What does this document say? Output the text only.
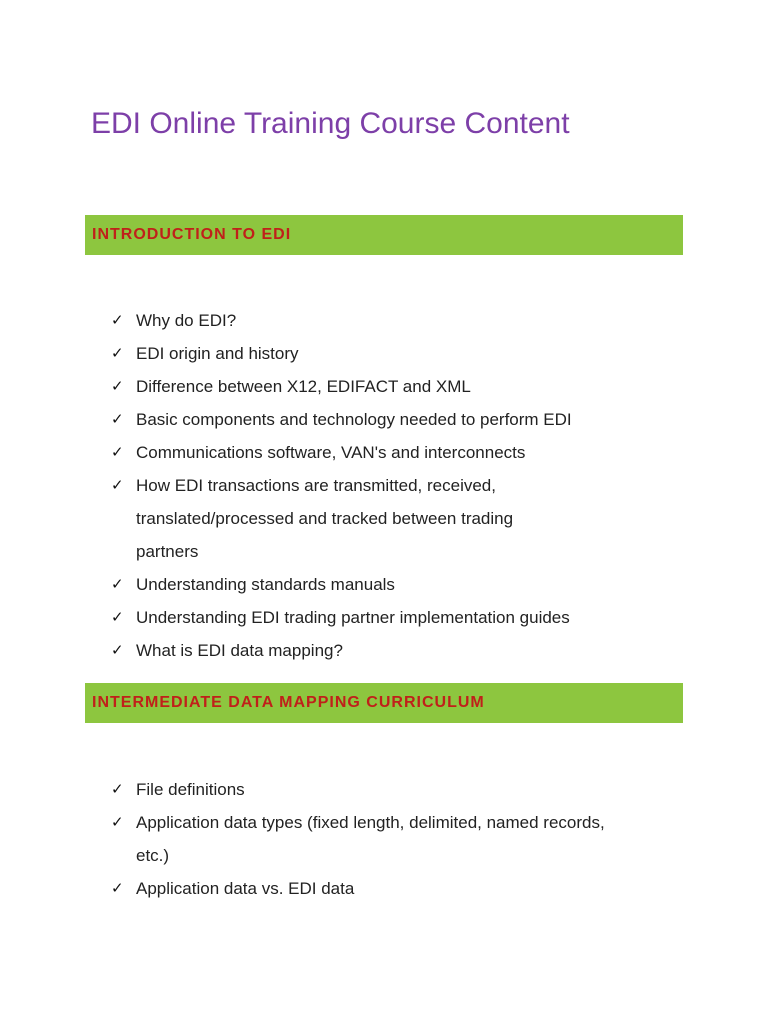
EDI Online Training Course Content
INTRODUCTION TO EDI
✓ Why do EDI?
✓ EDI origin and history
✓ Difference between X12, EDIFACT and XML
✓ Basic components and technology needed to perform EDI
✓ Communications software, VAN's and interconnects
✓ How EDI transactions are transmitted, received, translated/processed and tracked between trading partners
✓ Understanding standards manuals
✓ Understanding EDI trading partner implementation guides
✓ What is EDI data mapping?
INTERMEDIATE DATA MAPPING CURRICULUM
✓ File definitions
✓ Application data types (fixed length, delimited, named records, etc.)
✓ Application data vs. EDI data
